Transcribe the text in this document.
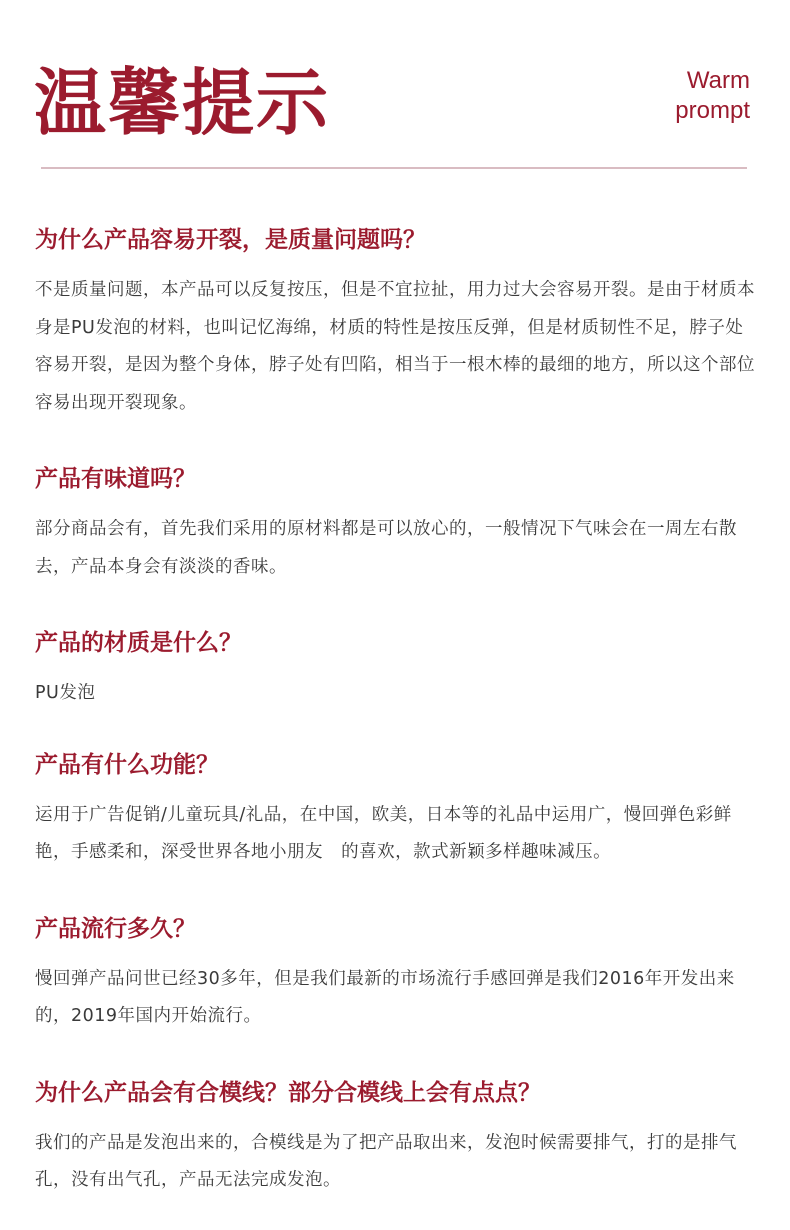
温馨提示	Warm
prompt

为什么产品容易开裂，是质量问题吗？

不是质量问题，本产品可以反复按压，但是不宜拉扯，用力过大会容易开裂。是由于材质本身是PU发泡的材料，也叫记忆海绵，材质的特性是按压反弹，但是材质韧性不足，脖子处容易开裂，是因为整个身体，脖子处有凹陷，相当于一根木棒的最细的地方，所以这个部位容易出现开裂现象。

产品有味道吗？

部分商品会有，首先我们采用的原材料都是可以放心的，一般情况下气味会在一周左右散去，产品本身会有淡淡的香味。

产品的材质是什么？

PU发泡

产品有什么功能？

运用于广告促销/儿童玩具/礼品，在中国，欧美，日本等的礼品中运用广，慢回弹色彩鲜艳，手感柔和，深受世界各地小朋友   的喜欢，款式新颖多样趣味减压。

产品流行多久？

慢回弹产品问世已经30多年，但是我们最新的市场流行手感回弹是我们2016年开发出来的，2019年国内开始流行。

为什么产品会有合模线？部分合模线上会有点点？

我们的产品是发泡出来的，合模线是为了把产品取出来，发泡时候需要排气，打的是排气孔，没有出气孔，产品无法完成发泡。
